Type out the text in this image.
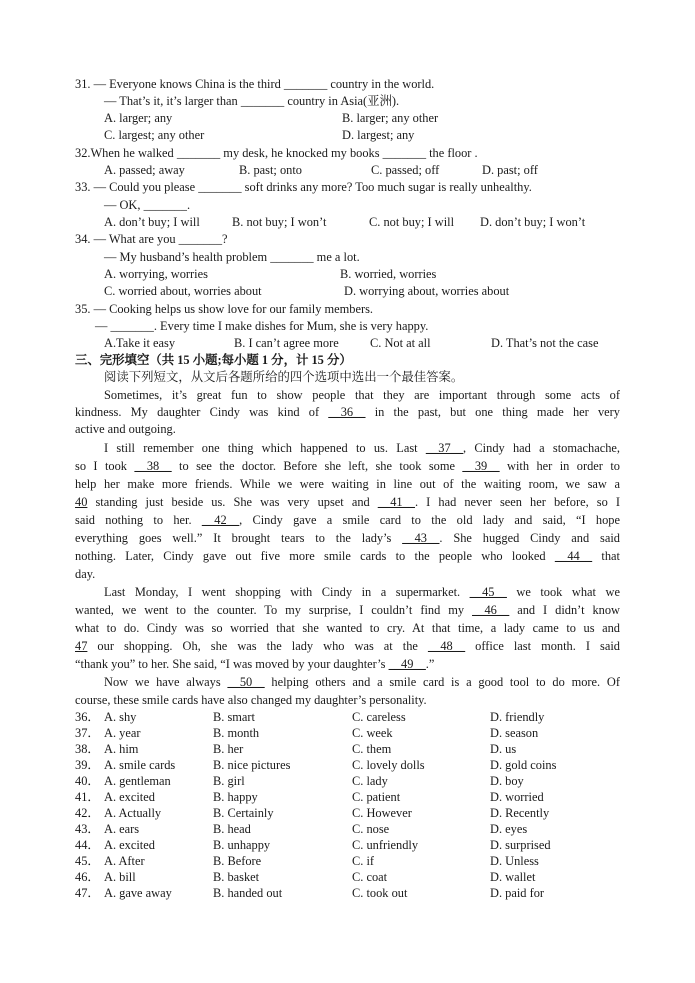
31. — Everyone knows China is the third _______ country in the world.
— That’s it, it’s larger than _______ country in Asia(亚洲).
A. larger; any	B. larger; any other
C. largest; any other	D. largest; any
32.When he walked _______ my desk, he knocked my books _______ the floor .
A. passed; away	B. past; onto	C. passed; off	D. past; off
33. — Could you please _______ soft drinks any more? Too much sugar is really unhealthy.
— OK, _______.
A. don’t buy; I will	B. not buy; I won’t	C. not buy; I will D. don’t buy; I won’t
34. — What are you _______?
— My husband’s health problem _______ me a lot.
A. worrying, worries	B. worried, worries
C. worried about, worries about	D. worrying about, worries about
35. — Cooking helps us show love for our family members.
— _______. Every time I make dishes for Mum, she is very happy.
A.Take it easy	B. I can’t agree more	C. Not at all	D. That’s not the case
三、完形填空（共 15 小题;每小题 1 分，计 15 分）
阅读下列短文，从文后各题所给的四个选项中选出一个最佳答案。
Sometimes, it’s great fun to show people that they are important through some acts of
kindness. My daughter Cindy was kind of __36__ in the past, but one thing made her very
active and outgoing.
I still remember one thing which happened to us. Last __37__, Cindy had a stomachache,
so I took __38__ to see the doctor. Before she left, she took some __39__ with her in order to
help her make more friends. While we were waiting in line out of the waiting room, we saw a
40 standing just beside us. She was very upset and __41__. I had never seen her before, so I
said nothing to her. __42__, Cindy gave a smile card to the old lady and said, “I hope
everything goes well.” It brought tears to the lady’s __43__. She hugged Cindy and said
nothing. Later, Cindy gave out five more smile cards to the people who looked __44__ that
day.
Last Monday, I went shopping with Cindy in a supermarket. __45__ we took what we
wanted, we went to the counter. To my surprise, I couldn’t find my __46__ and I didn’t know
what to do. Cindy was so worried that she wanted to cry. At that time, a lady came to us and
47 our shopping. Oh, she was the lady who was at the __48__ office last month. I said
“thank you” to her. She said, “I was moved by your daughter’s __49__.”
Now we have always __50__ helping others and a smile card is a good tool to do more. Of
course, these smile cards have also changed my daughter’s personality.
36． A. shy	B. smart	C. careless	D. friendly
37． A. year	B. month	C. week	D. season
38． A. him	B. her	C. them	D. us
39． A. smile cards	B. nice pictures	C. lovely dolls	D. gold coins
40． A. gentleman	B. girl	C. lady	D. boy
41． A. excited	B. happy	C. patient	D. worried
42． A. Actually	B. Certainly	C. However	D. Recently
43． A. ears	B. head	C. nose	D. eyes
44． A. excited	B. unhappy	C. unfriendly	D. surprised
45． A. After	B. Before	C. if	D. Unless
46． A. bill	B. basket	C. coat	D. wallet
47． A. gave away	B. handed out	C. took out	D. paid for
